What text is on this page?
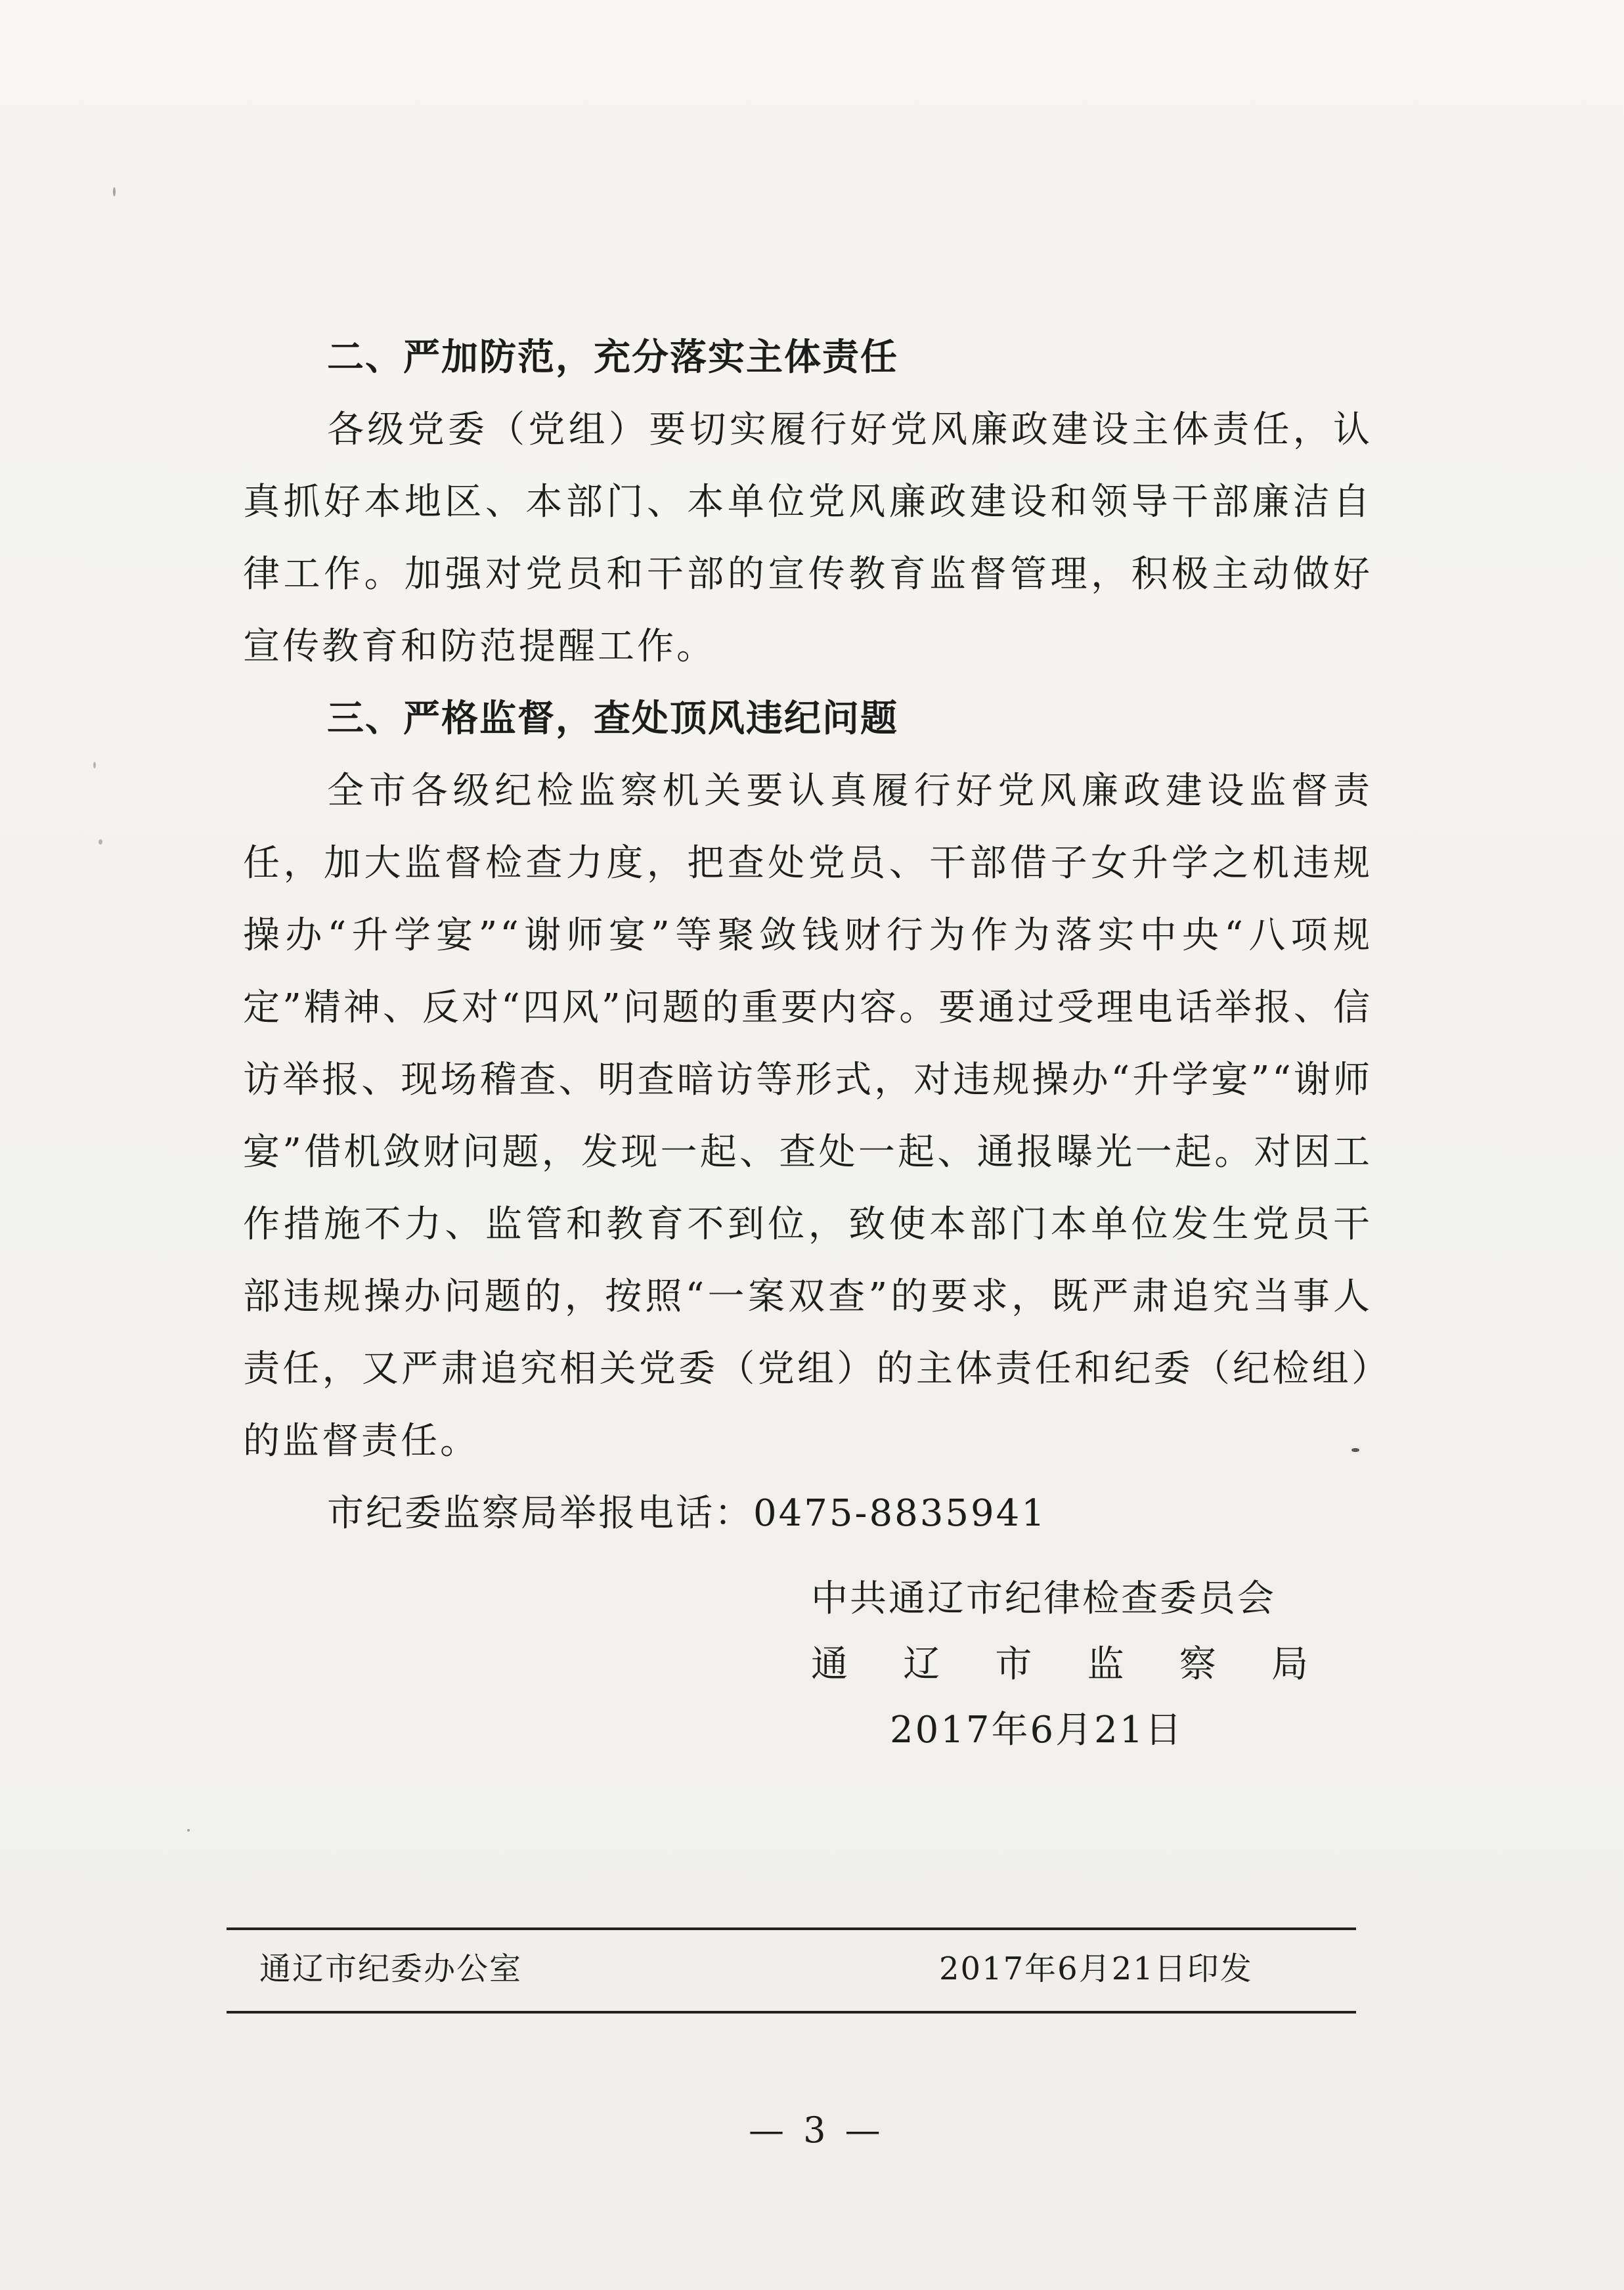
二、严加防范，充分落实主体责任

各级党委（党组）要切实履行好党风廉政建设主体责任，认真抓好本地区、本部门、本单位党风廉政建设和领导干部廉洁自律工作。加强对党员和干部的宣传教育监督管理，积极主动做好宣传教育和防范提醒工作。

三、严格监督，查处顶风违纪问题

全市各级纪检监察机关要认真履行好党风廉政建设监督责任，加大监督检查力度，把查处党员、干部借子女升学之机违规操办“升学宴”“谢师宴”等聚敛钱财行为作为落实中央“八项规定”精神、反对“四风”问题的重要内容。要通过受理电话举报、信访举报、现场稽查、明查暗访等形式，对违规操办“升学宴”“谢师宴”借机敛财问题，发现一起、查处一起、通报曝光一起。对因工作措施不力、监管和教育不到位，致使本部门本单位发生党员干部违规操办问题的，按照“一案双查”的要求，既严肃追究当事人责任，又严肃追究相关党委（党组）的主体责任和纪委（纪检组）的监督责任。

市纪委监察局举报电话：0475-8835941

中共通辽市纪律检查委员会
通 辽 市 监 察 局
2017年6月21日
通辽市纪委办公室	2017年6月21日印发
— 3 —
